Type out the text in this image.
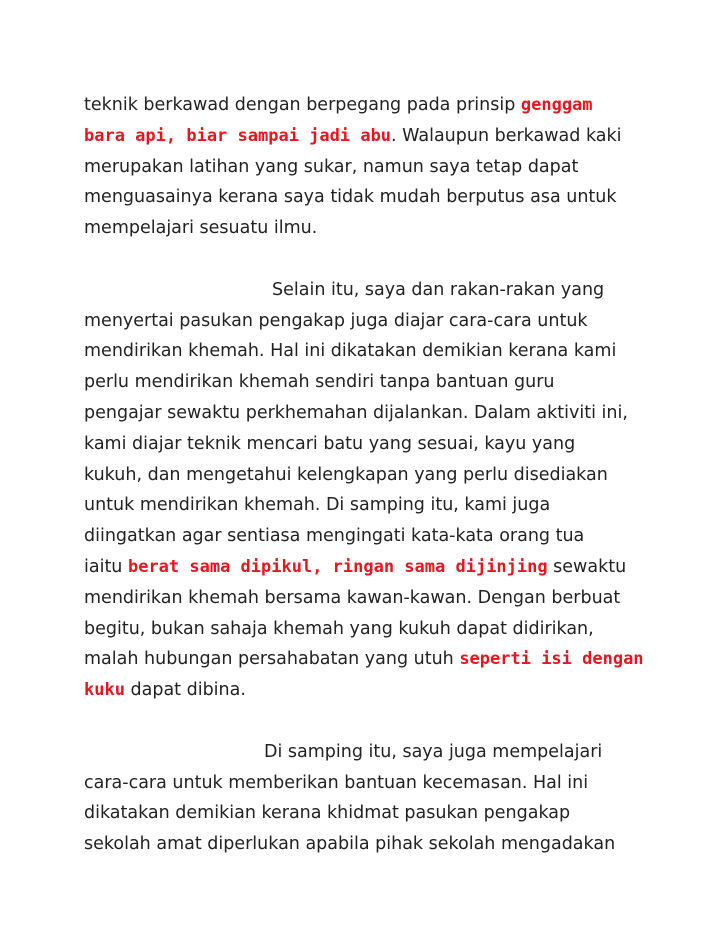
teknik berkawad dengan berpegang pada prinsip genggam
bara api, biar sampai jadi abu. Walaupun berkawad kaki
merupakan latihan yang sukar, namun saya tetap dapat
menguasainya kerana saya tidak mudah berputus asa untuk
mempelajari sesuatu ilmu.
Selain itu, saya dan rakan-rakan yang
menyertai pasukan pengakap juga diajar cara-cara untuk
mendirikan khemah. Hal ini dikatakan demikian kerana kami
perlu mendirikan khemah sendiri tanpa bantuan guru
pengajar sewaktu perkhemahan dijalankan. Dalam aktiviti ini,
kami diajar teknik mencari batu yang sesuai, kayu yang
kukuh, dan mengetahui kelengkapan yang perlu disediakan
untuk mendirikan khemah. Di samping itu, kami juga
diingatkan agar sentiasa mengingati kata-kata orang tua
iaitu berat sama dipikul, ringan sama dijinjing sewaktu
mendirikan khemah bersama kawan-kawan. Dengan berbuat
begitu, bukan sahaja khemah yang kukuh dapat didirikan,
malah hubungan persahabatan yang utuh seperti isi dengan
kuku dapat dibina.
Di samping itu, saya juga mempelajari
cara-cara untuk memberikan bantuan kecemasan. Hal ini
dikatakan demikian kerana khidmat pasukan pengakap
sekolah amat diperlukan apabila pihak sekolah mengadakan
